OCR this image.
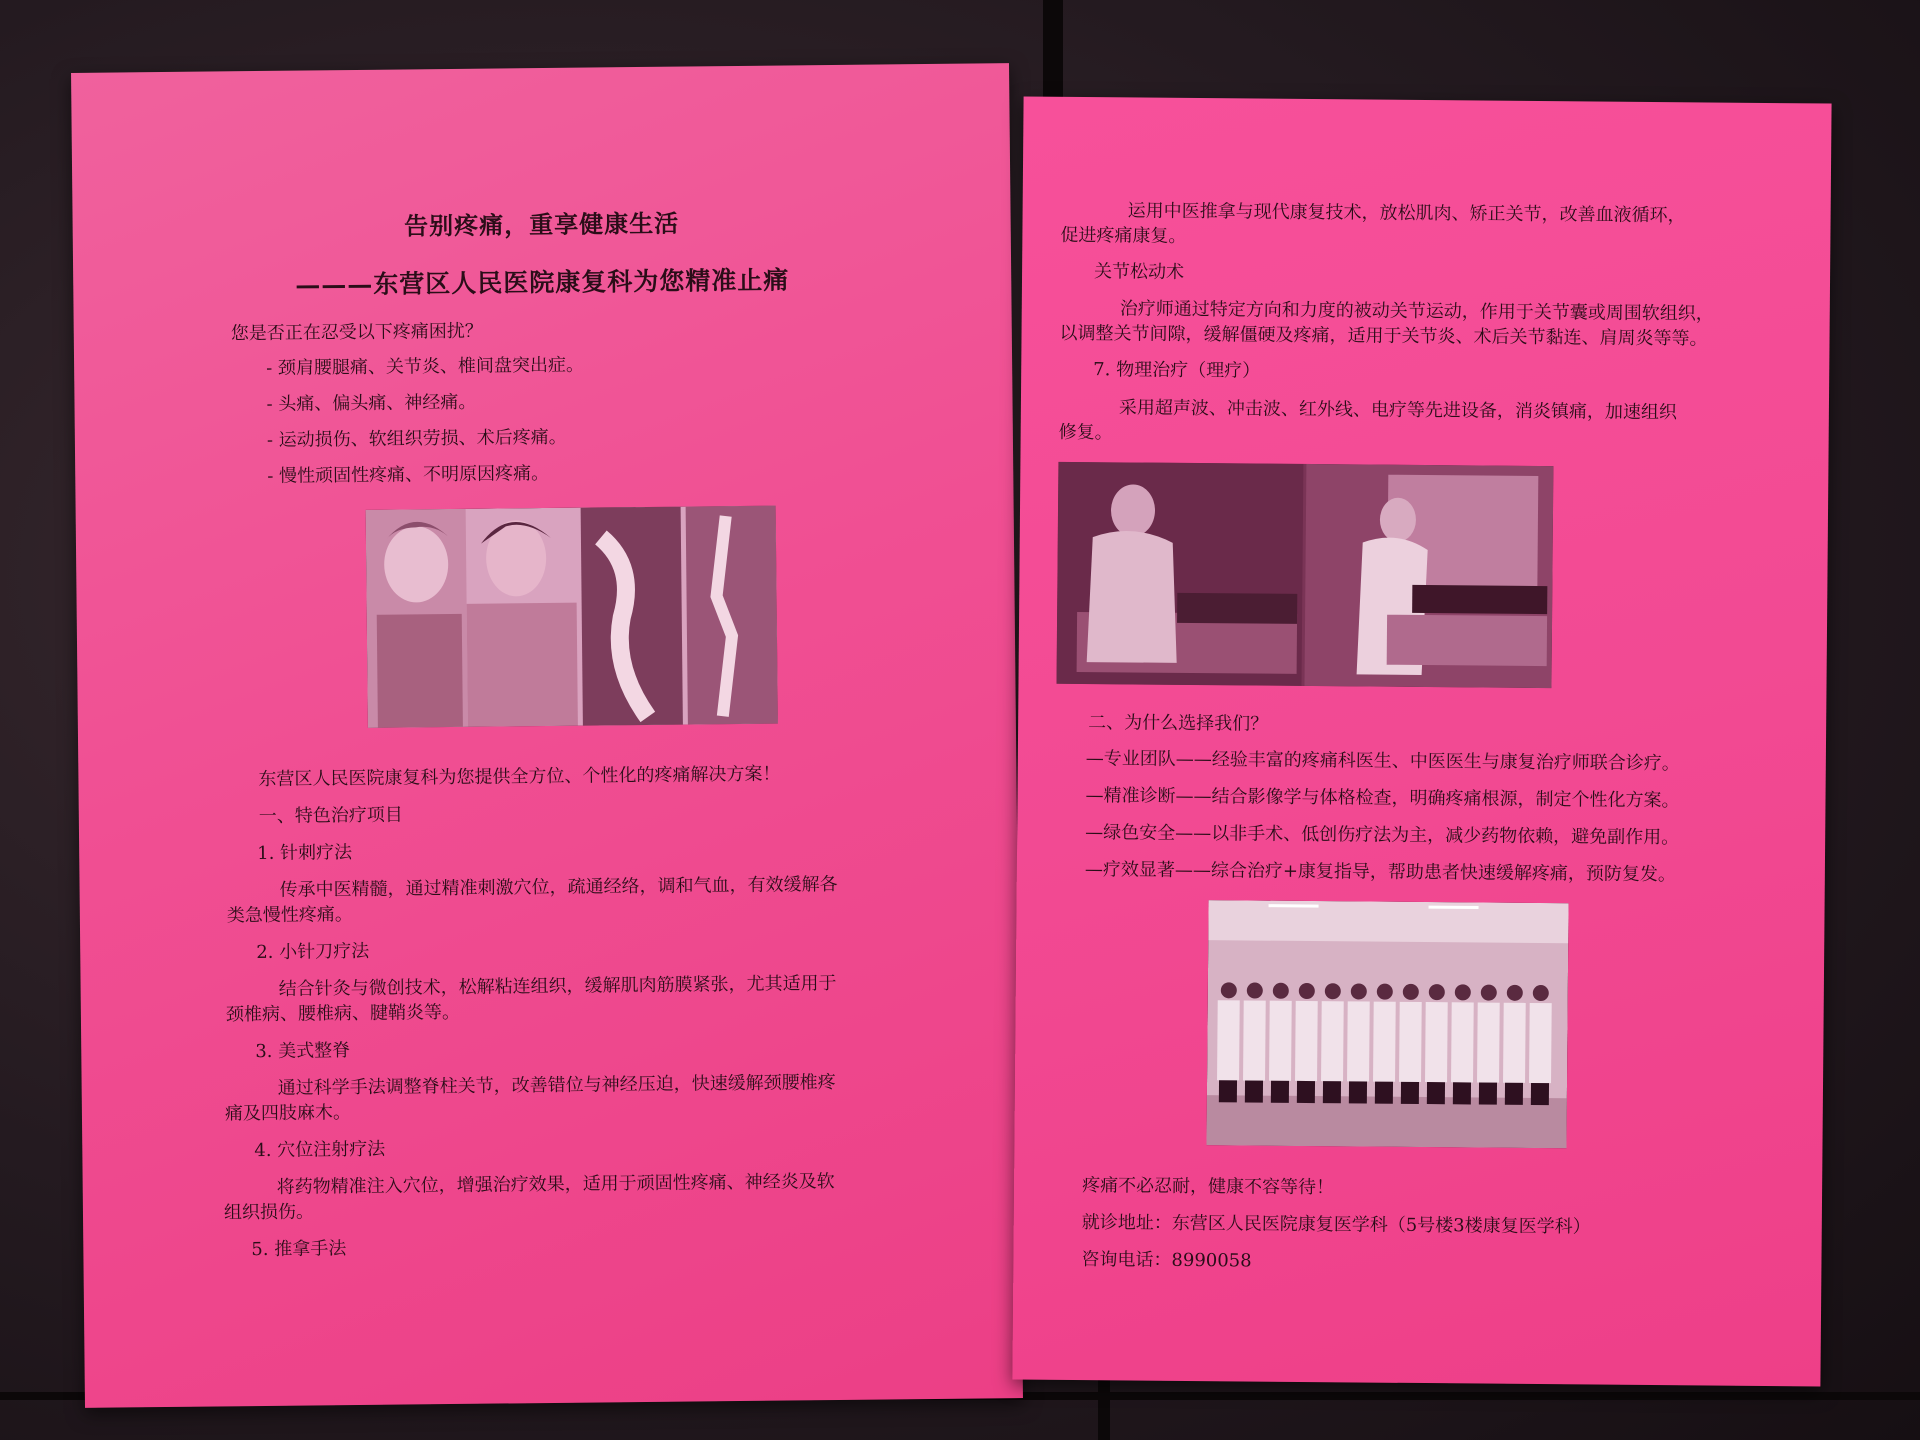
告别疼痛，重享健康生活
———东营区人民医院康复科为您精准止痛
您是否正在忍受以下疼痛困扰？
- 颈肩腰腿痛、关节炎、椎间盘突出症。
- 头痛、偏头痛、神经痛。
- 运动损伤、软组织劳损、术后疼痛。
- 慢性顽固性疼痛、不明原因疼痛。
东营区人民医院康复科为您提供全方位、个性化的疼痛解决方案！
一、特色治疗项目
1. 针刺疗法
传承中医精髓，通过精准刺激穴位，疏通经络，调和气血，有效缓解各
类急慢性疼痛。
2. 小针刀疗法
结合针灸与微创技术，松解粘连组织，缓解肌肉筋膜紧张，尤其适用于
颈椎病、腰椎病、腱鞘炎等。
3. 美式整脊
通过科学手法调整脊柱关节，改善错位与神经压迫，快速缓解颈腰椎疼
痛及四肢麻木。
4. 穴位注射疗法
将药物精准注入穴位，增强治疗效果，适用于顽固性疼痛、神经炎及软
组织损伤。
5. 推拿手法
运用中医推拿与现代康复技术，放松肌肉、矫正关节，改善血液循环，
促进疼痛康复。
关节松动术
治疗师通过特定方向和力度的被动关节运动，作用于关节囊或周围软组织，
以调整关节间隙，缓解僵硬及疼痛，适用于关节炎、术后关节黏连、肩周炎等等。
7. 物理治疗（理疗）
采用超声波、冲击波、红外线、电疗等先进设备，消炎镇痛，加速组织
修复。
二、为什么选择我们？
—专业团队——经验丰富的疼痛科医生、中医医生与康复治疗师联合诊疗。
—精准诊断——结合影像学与体格检查，明确疼痛根源，制定个性化方案。
—绿色安全——以非手术、低创伤疗法为主，减少药物依赖，避免副作用。
—疗效显著——综合治疗+康复指导，帮助患者快速缓解疼痛，预防复发。
疼痛不必忍耐，健康不容等待！
就诊地址：东营区人民医院康复医学科（5号楼3楼康复医学科）
咨询电话：8990058
